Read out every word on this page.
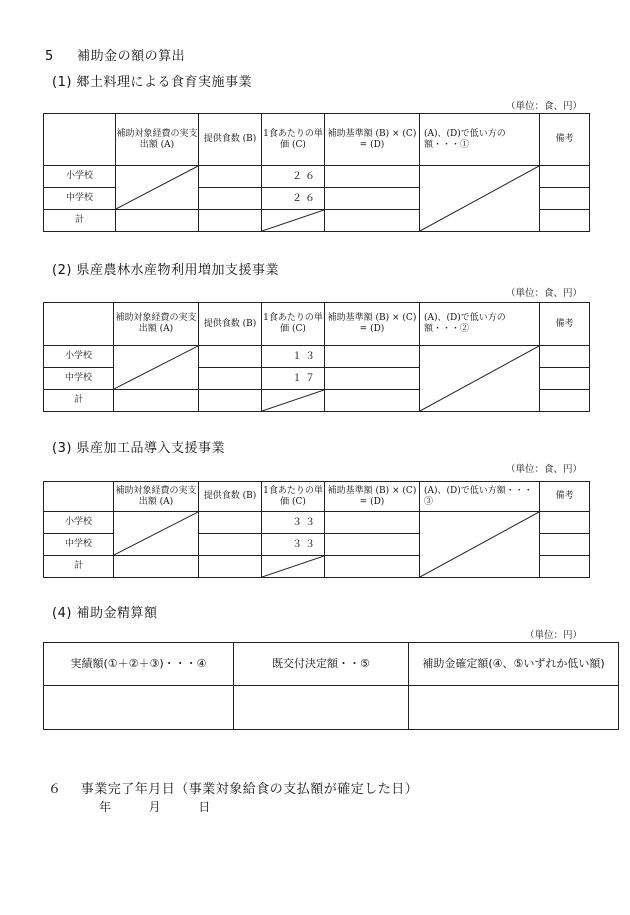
5 補助金の額の算出
(1) 郷土料理による食育実施事業
（単位：食、円）
	補助対象経費の実支出額 (A)	提供食数 (B)	1食あたりの単価 (C)	補助基準額 (B) × (C) = (D)	(A)、(D)で低い方の額・・・①	備考
小学校			２６		

中学校			２６			
計			

(2) 県産農林水産物利用増加支援事業
（単位：食、円）
	補助対象経費の実支出額 (A)	提供食数 (B)	1食あたりの単価 (C)	補助基準額 (B) × (C) = (D)	(A)、(D)で低い方の額・・・②	備考
小学校			１３		

中学校			１７			
計			

(3) 県産加工品導入支援事業
（単位：食、円）
	補助対象経費の実支出額 (A)	提供食数 (B)	1食あたりの単価 (C)	補助基準額 (B) × (C) = (D)	(A)、(D)で低い方額・・・③	備考
小学校			３３		

中学校			３３			
計			

(4) 補助金精算額
（単位：円）
実績額(①＋②＋③)・・・④	既交付決定額・・⑤	補助金確定額(④、⑤いずれか低い額)

６ 事業完了年月日（事業対象給食の支払額が確定した日）
年	月	日
